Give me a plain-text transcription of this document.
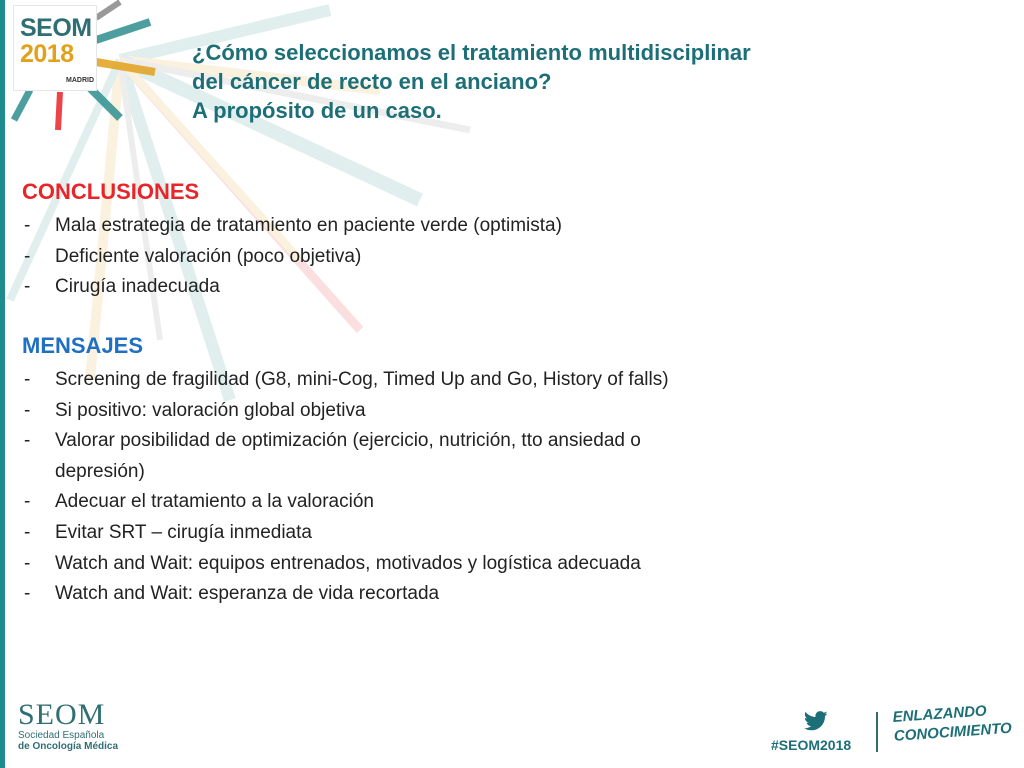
SEOM
2018
MADRID
¿Cómo seleccionamos el tratamiento multidisciplinar
del cáncer de recto en el anciano?
A propósito de un caso.
CONCLUSIONES
- Mala estrategia de tratamiento en paciente verde (optimista)
- Deficiente valoración (poco objetiva)
- Cirugía inadecuada
MENSAJES
- Screening de fragilidad (G8, mini-Cog, Timed Up and Go, History of falls)
- Si positivo: valoración global objetiva
- Valorar posibilidad de optimización (ejercicio, nutrición, tto ansiedad o
depresión)
- Adecuar el tratamiento a la valoración
- Evitar SRT – cirugía inmediata
- Watch and Wait: equipos entrenados, motivados y logística adecuada
- Watch and Wait: esperanza de vida recortada
SEOM
Sociedad Española
de Oncología Médica	#SEOM2018
ENLAZANDO
CONOCIMIENTO
